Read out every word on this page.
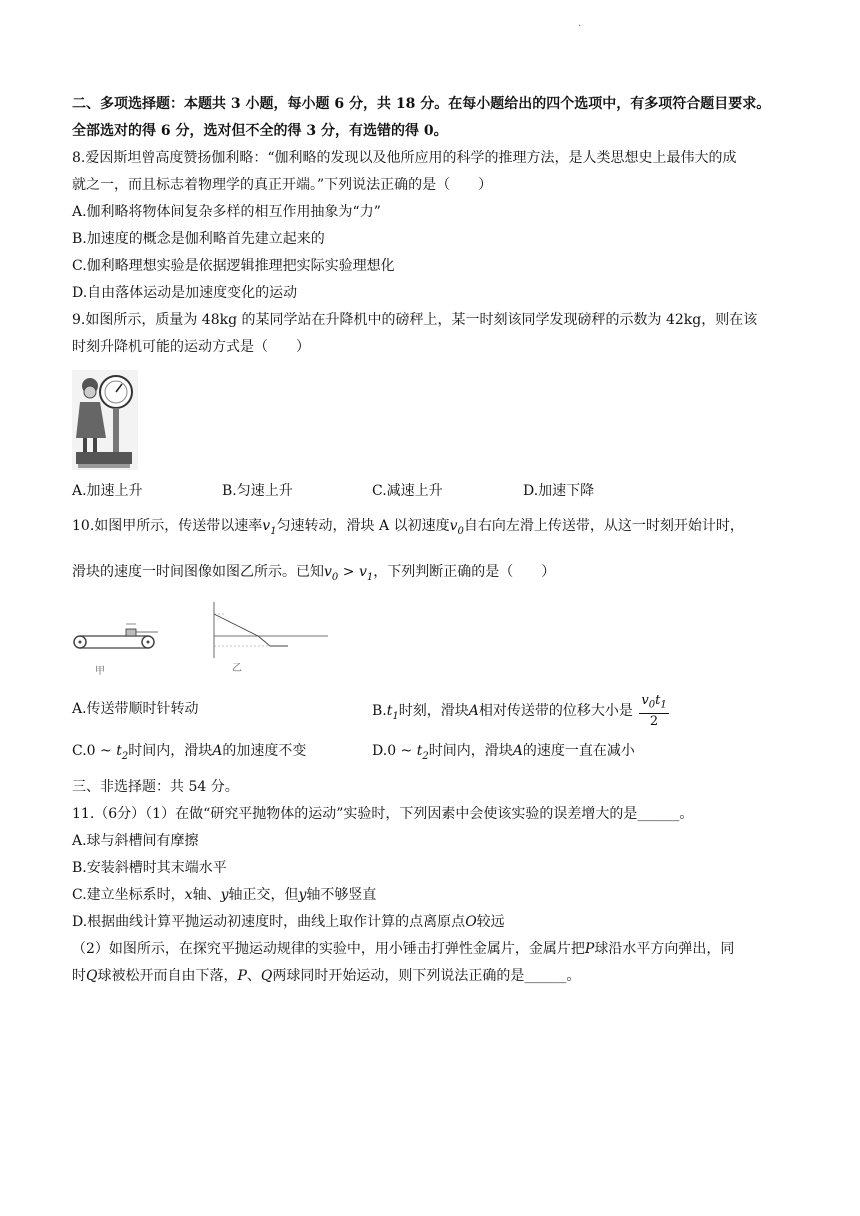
.
二、多项选择题：本题共 3 小题，每小题 6 分，共 18 分。在每小题给出的四个选项中，有多项符合题目要求。
全部选对的得 6 分，选对但不全的得 3 分，有选错的得 0。
8.爱因斯坦曾高度赞扬伽利略：“伽利略的发现以及他所应用的科学的推理方法，是人类思想史上最伟大的成
就之一，而且标志着物理学的真正开端。”下列说法正确的是（　　）
A.伽利略将物体间复杂多样的相互作用抽象为“力”
B.加速度的概念是伽利略首先建立起来的
C.伽利略理想实验是依据逻辑推理把实际实验理想化
D.自由落体运动是加速度变化的运动
9.如图所示，质量为 48kg 的某同学站在升降机中的磅秤上，某一时刻该同学发现磅秤的示数为 42kg，则在该
时刻升降机可能的运动方式是（　　）
A.加速上升	B.匀速上升	C.减速上升	D.加速下降
10.如图甲所示，传送带以速率$v_1$匀速转动，滑块 A 以初速度$v_0$自右向左滑上传送带，从这一时刻开始计时，
滑块的速度一时间图像如图乙所示。已知$v_0 > v_1$，下列判断正确的是（　　）
甲	乙
A.传送带顺时针转动	$B.t_1$时刻，滑块A相对传送带的位移大小是 $\frac{v_0t_1}{2}$
C.0 ~ $t_2$时间内，滑块A的加速度不变	D.0 ~ $t_2$时间内，滑块A的速度一直在减小
三、非选择题：共 54 分。
11.（6分）（1）在做“研究平抛物体的运动”实验时，下列因素中会使该实验的误差增大的是______。
A.球与斜槽间有摩擦
B.安装斜槽时其末端水平
C.建立坐标系时，x轴、y轴正交，但y轴不够竖直
D.根据曲线计算平抛运动初速度时，曲线上取作计算的点离原点O较远
（2）如图所示，在探究平抛运动规律的实验中，用小锤击打弹性金属片，金属片把P球沿水平方向弹出，同
时Q球被松开而自由下落，P、Q两球同时开始运动，则下列说法正确的是______。
